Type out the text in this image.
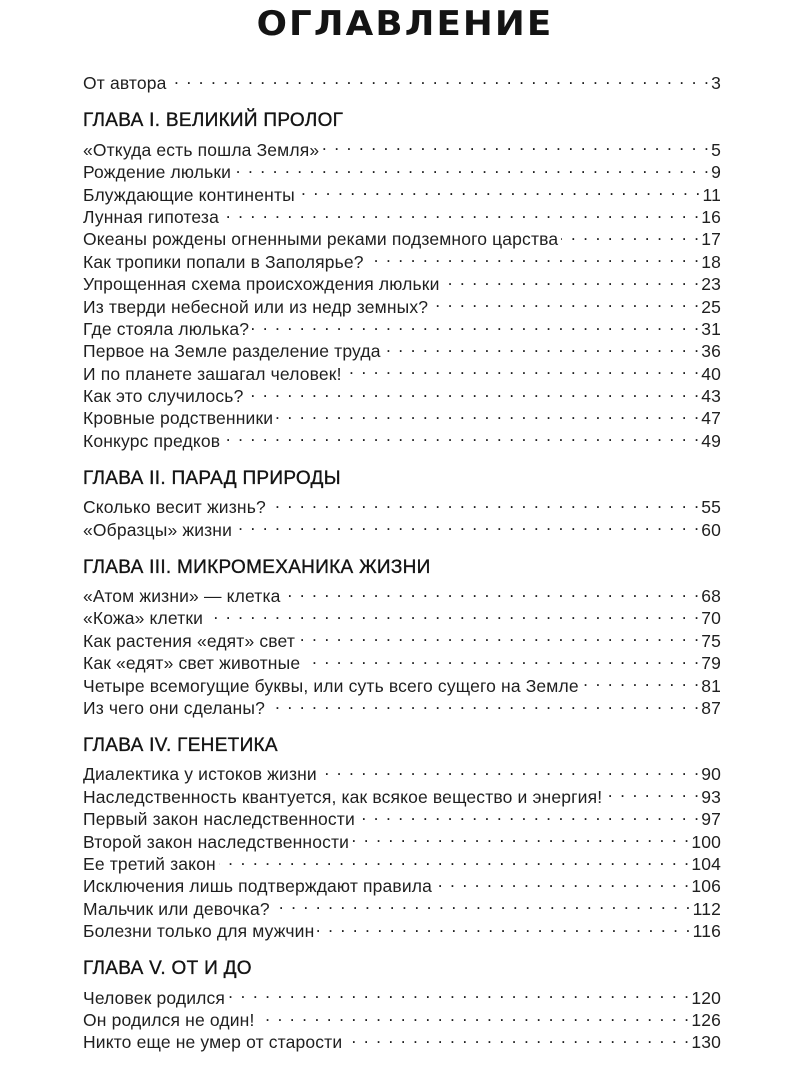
ОГЛАВЛЕНИЕ
От автора . . .	3
ГЛАВА I. ВЕЛИКИЙ ПРОЛОГ
«Откуда есть пошла Земля» . . .	5
Рождение люльки . . .	9
Блуждающие континенты . . .	11
Лунная гипотеза . . .	16
Океаны рождены огненными реками подземного царства . . .	17
Как тропики попали в Заполярье? . . .	18
Упрощенная схема происхождения люльки . . .	23
Из тверди небесной или из недр земных? . . .	25
Где стояла люлька? . . .	31
Первое на Земле разделение труда . . .	36
И по планете зашагал человек! . . .	40
Как это случилось? . . .	43
Кровные родственники . . .	47
Конкурс предков . . .	49
ГЛАВА II. ПАРАД ПРИРОДЫ
Сколько весит жизнь? . . .	55
«Образцы» жизни . . .	60
ГЛАВА III. МИКРОМЕХАНИКА ЖИЗНИ
«Атом жизни» — клетка . . .	68
«Кожа» клетки . . .	70
Как растения «едят» свет . . .	75
Как «едят» свет животные . . .	79
Четыре всемогущие буквы, или суть всего сущего на Земле . . .	81
Из чего они сделаны? . . .	87
ГЛАВА IV. ГЕНЕТИКА
Диалектика у истоков жизни . . .	90
Наследственность квантуется, как всякое вещество и энергия! . . .	93
Первый закон наследственности . . .	97
Второй закон наследственности . . .	100
Ее третий закон . . .	104
Исключения лишь подтверждают правила . . .	106
Мальчик или девочка? . . .	112
Болезни только для мужчин . . .	116
ГЛАВА V. ОТ И ДО
Человек родился . . .	120
Он родился не один! . . .	126
Никто еще не умер от старости . . .	130
